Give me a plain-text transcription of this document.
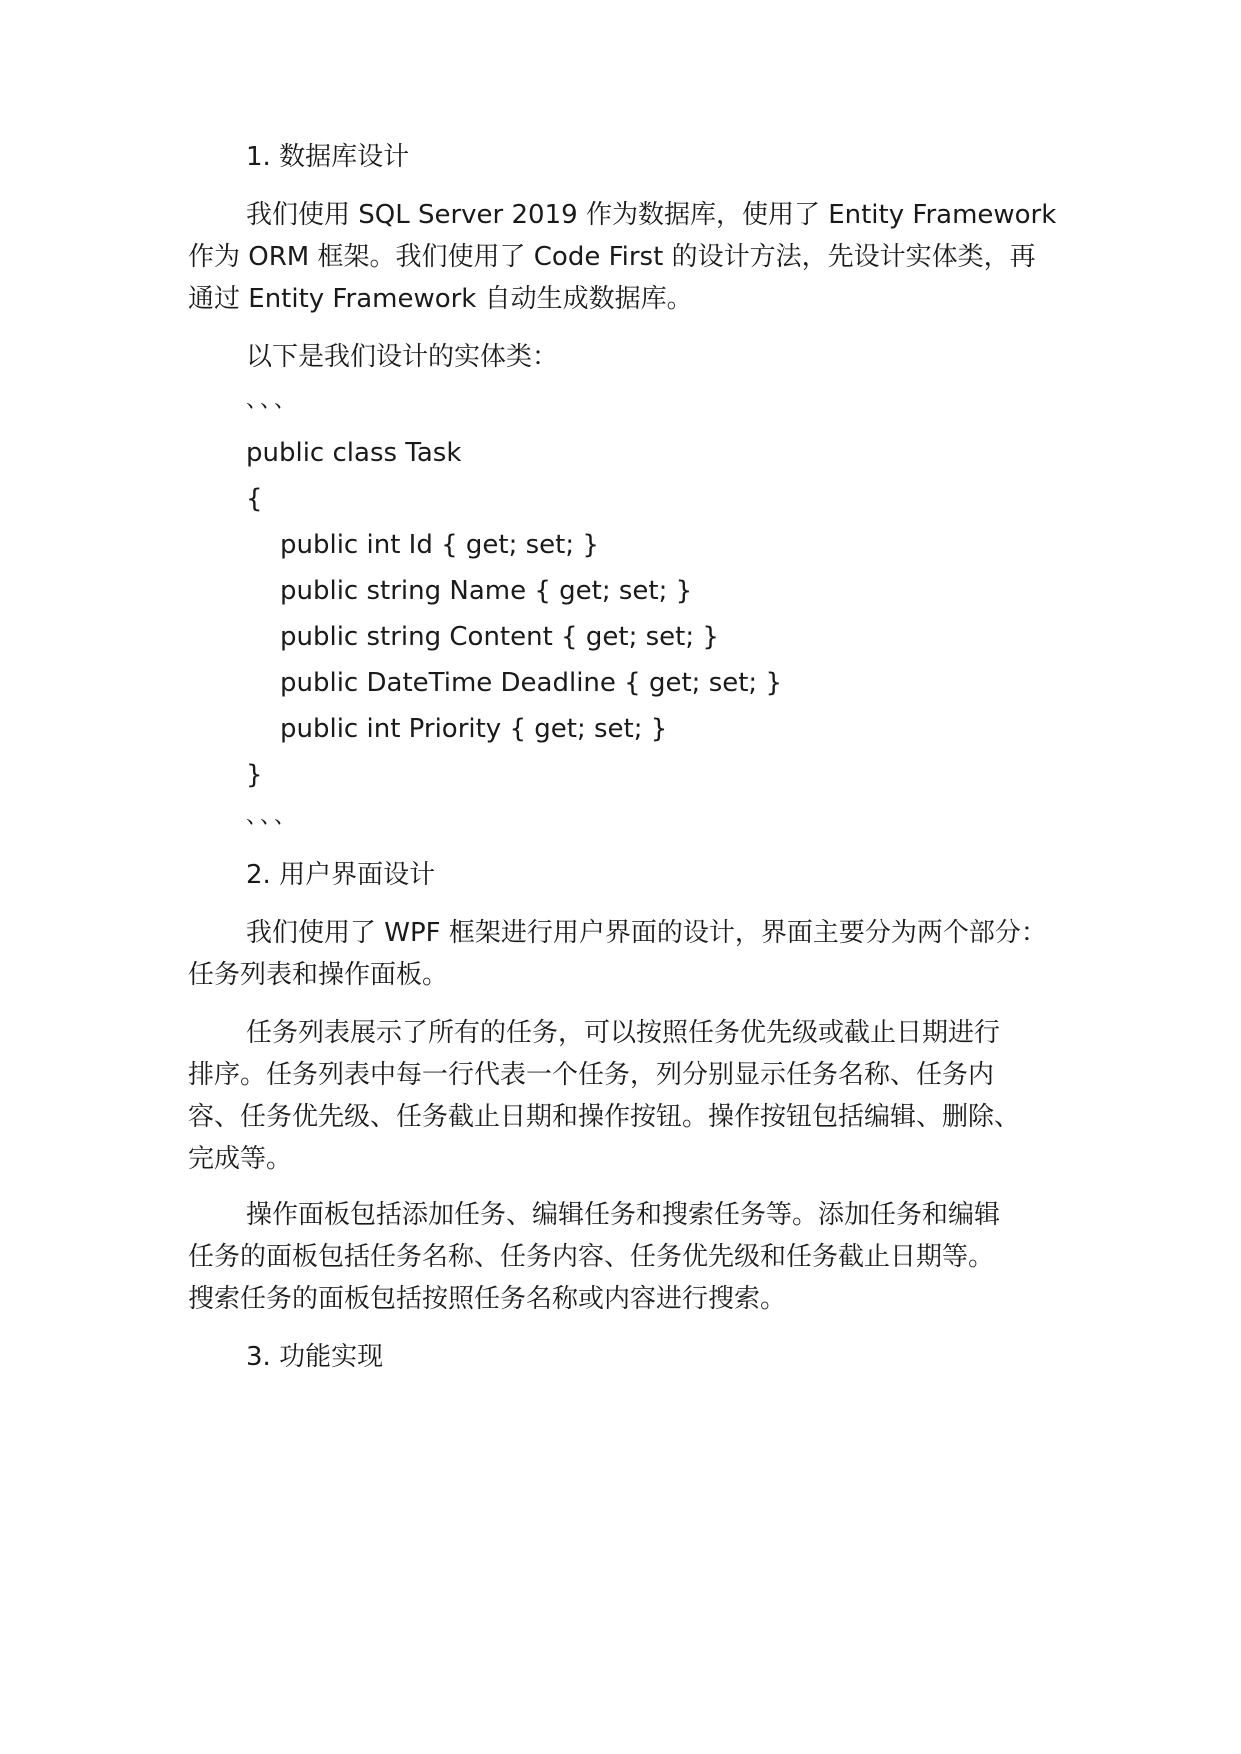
1. 数据库设计
我们使用 SQL Server 2019 作为数据库，使用了 Entity Framework
作为 ORM 框架。我们使用了 Code First 的设计方法，先设计实体类，再
通过 Entity Framework 自动生成数据库。
以下是我们设计的实体类：
、、、
public class Task
{
public int Id { get; set; }
public string Name { get; set; }
public string Content { get; set; }
public DateTime Deadline { get; set; }
public int Priority { get; set; }
}
、、、
2. 用户界面设计
我们使用了 WPF 框架进行用户界面的设计，界面主要分为两个部分：
任务列表和操作面板。
任务列表展示了所有的任务，可以按照任务优先级或截止日期进行
排序。任务列表中每一行代表一个任务，列分别显示任务名称、任务内
容、任务优先级、任务截止日期和操作按钮。操作按钮包括编辑、删除、
完成等。
操作面板包括添加任务、编辑任务和搜索任务等。添加任务和编辑
任务的面板包括任务名称、任务内容、任务优先级和任务截止日期等。
搜索任务的面板包括按照任务名称或内容进行搜索。
3. 功能实现
